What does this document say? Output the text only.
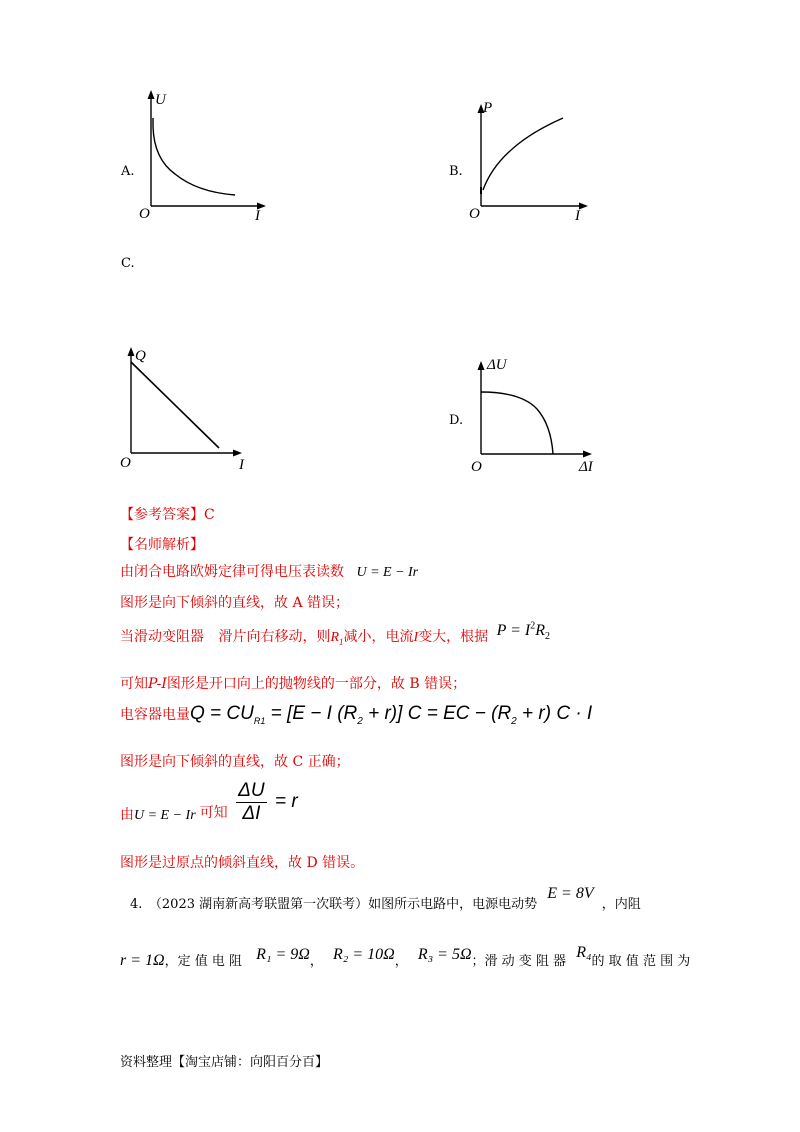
A.
U
O	I
B.
P
O	I
C.
Q
O	I
D.
ΔU
O	ΔI
【参考答案】C
【名师解析】
由闭合电路欧姆定律可得电压表读数 U = E − Ir
图形是向下倾斜的直线，故 A 错误；
当滑动变阻器 滑片向右移动，则$R_1$减小，电流I变大，根据 $P = I^2R_2$
可知P-I图形是开口向上的抛物线的一部分，故 B 错误；
电容器电量$Q = CU_{R1} = [E - I$ $(R_2 + r)$] C = EC − $(R_2 + r) C \cdot I$
图形是向下倾斜的直线，故 C 正确；
由U = E − Ir 可知 $\frac{\Delta U}{\Delta I} = r$
图形是过原点的倾斜直线，故 D 错误。
4.　（2023 湖南新高考联盟第一次联考）如图所示电路中，电源电动势 E = 8V ，内阻
r = 1Ω，定 值 电 阻 R₁ = 9Ω， R₂ = 10Ω， R₃ = 5Ω；滑 动 变 阻 器 R₄的 取 值 范 围 为
资料整理【淘宝店铺：向阳百分百】
